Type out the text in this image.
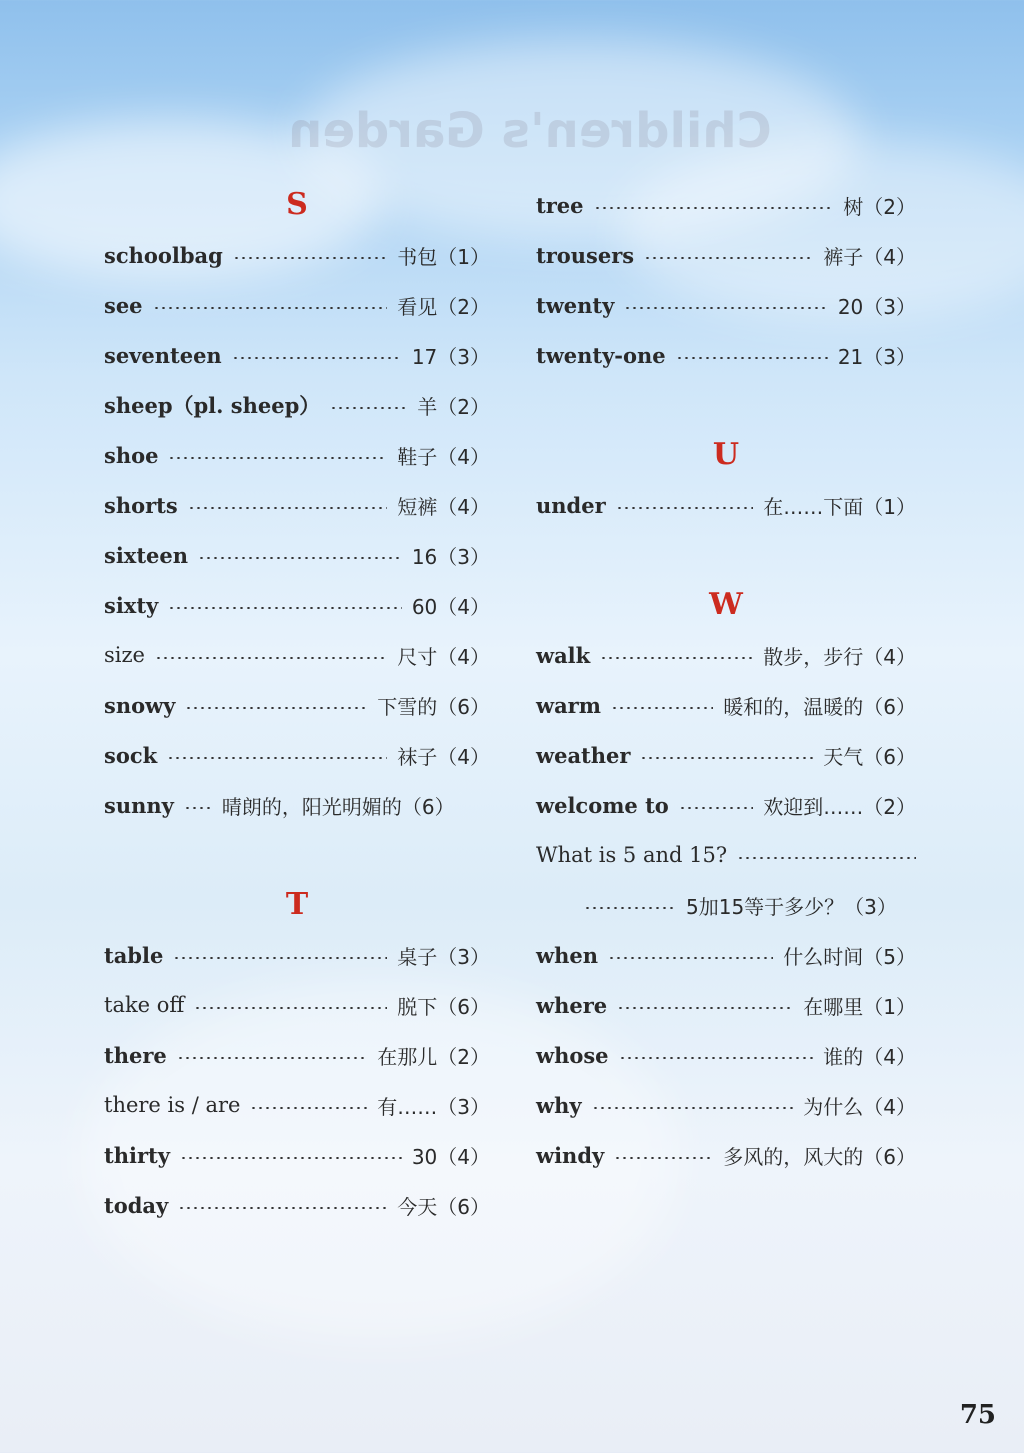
Children's Garden
S
schoolbag	书包（1）
see	看见（2）
seventeen	17（3）
sheep（pl. sheep）	羊（2）
shoe	鞋子（4）
shorts	短裤（4）
sixteen	16（3）
sixty	60（4）
size	尺寸（4）
snowy	下雪的（6）
sock	袜子（4）
sunny 晴朗的，阳光明媚的（6）
T
table	桌子（3）
take off	脱下（6）
there	在那儿（2）
there is / are	有……（3）
thirty	30（4）
today	今天（6）
tree	树（2）
trousers	裤子（4）
twenty	20（3）
twenty-one	21（3）
U
under	在……下面（1）
W
walk	散步，步行（4）
warm	暖和的，温暖的（6）
weather	天气（6）
welcome to	欢迎到……（2）
What is 5 and 15?
5加15等于多少？（3）
when	什么时间（5）
where	在哪里（1）
whose	谁的（4）
why	为什么（4）
windy	多风的，风大的（6）
75
